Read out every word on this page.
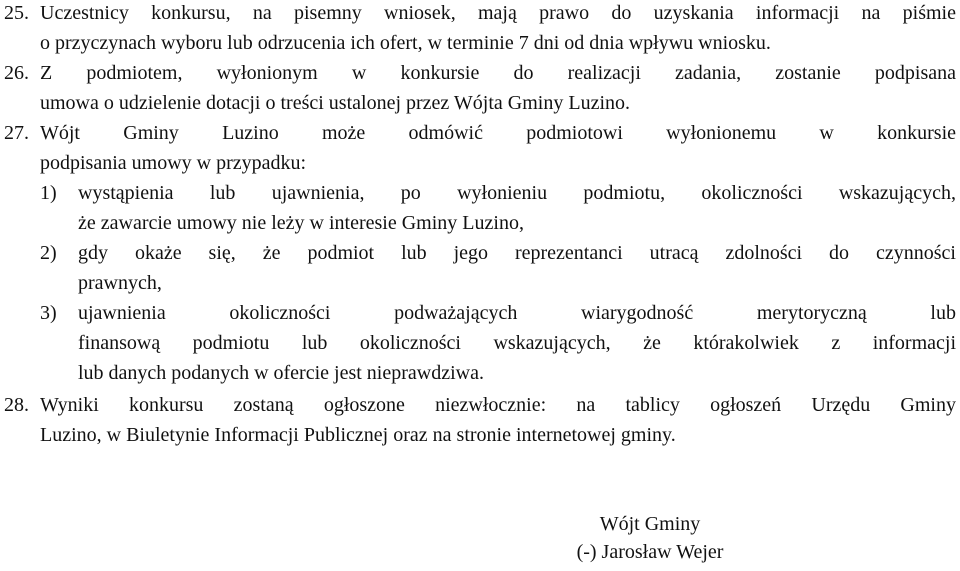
25. Uczestnicy konkursu, na pisemny wniosek, mają prawo do uzyskania informacji na piśmie
o przyczynach wyboru lub odrzucenia ich ofert, w terminie 7 dni od dnia wpływu wniosku.
26. Z podmiotem, wyłonionym w konkursie do realizacji zadania, zostanie podpisana
umowa o udzielenie dotacji o treści ustalonej przez Wójta Gminy Luzino.
27. Wójt Gminy Luzino może odmówić podmiotowi wyłonionemu w konkursie
podpisania umowy w przypadku:
1) wystąpienia lub ujawnienia, po wyłonieniu podmiotu, okoliczności wskazujących,
że zawarcie umowy nie leży w interesie Gminy Luzino,
2) gdy okaże się, że podmiot lub jego reprezentanci utracą zdolności do czynności
prawnych,
3) ujawnienia okoliczności podważających wiarygodność merytoryczną lub
finansową podmiotu lub okoliczności wskazujących, że którakolwiek z informacji
lub danych podanych w ofercie jest nieprawdziwa.
28. Wyniki konkursu zostaną ogłoszone niezwłocznie: na tablicy ogłoszeń Urzędu Gminy
Luzino, w Biuletynie Informacji Publicznej oraz na stronie internetowej gminy.
Wójt Gminy
(-) Jarosław Wejer
